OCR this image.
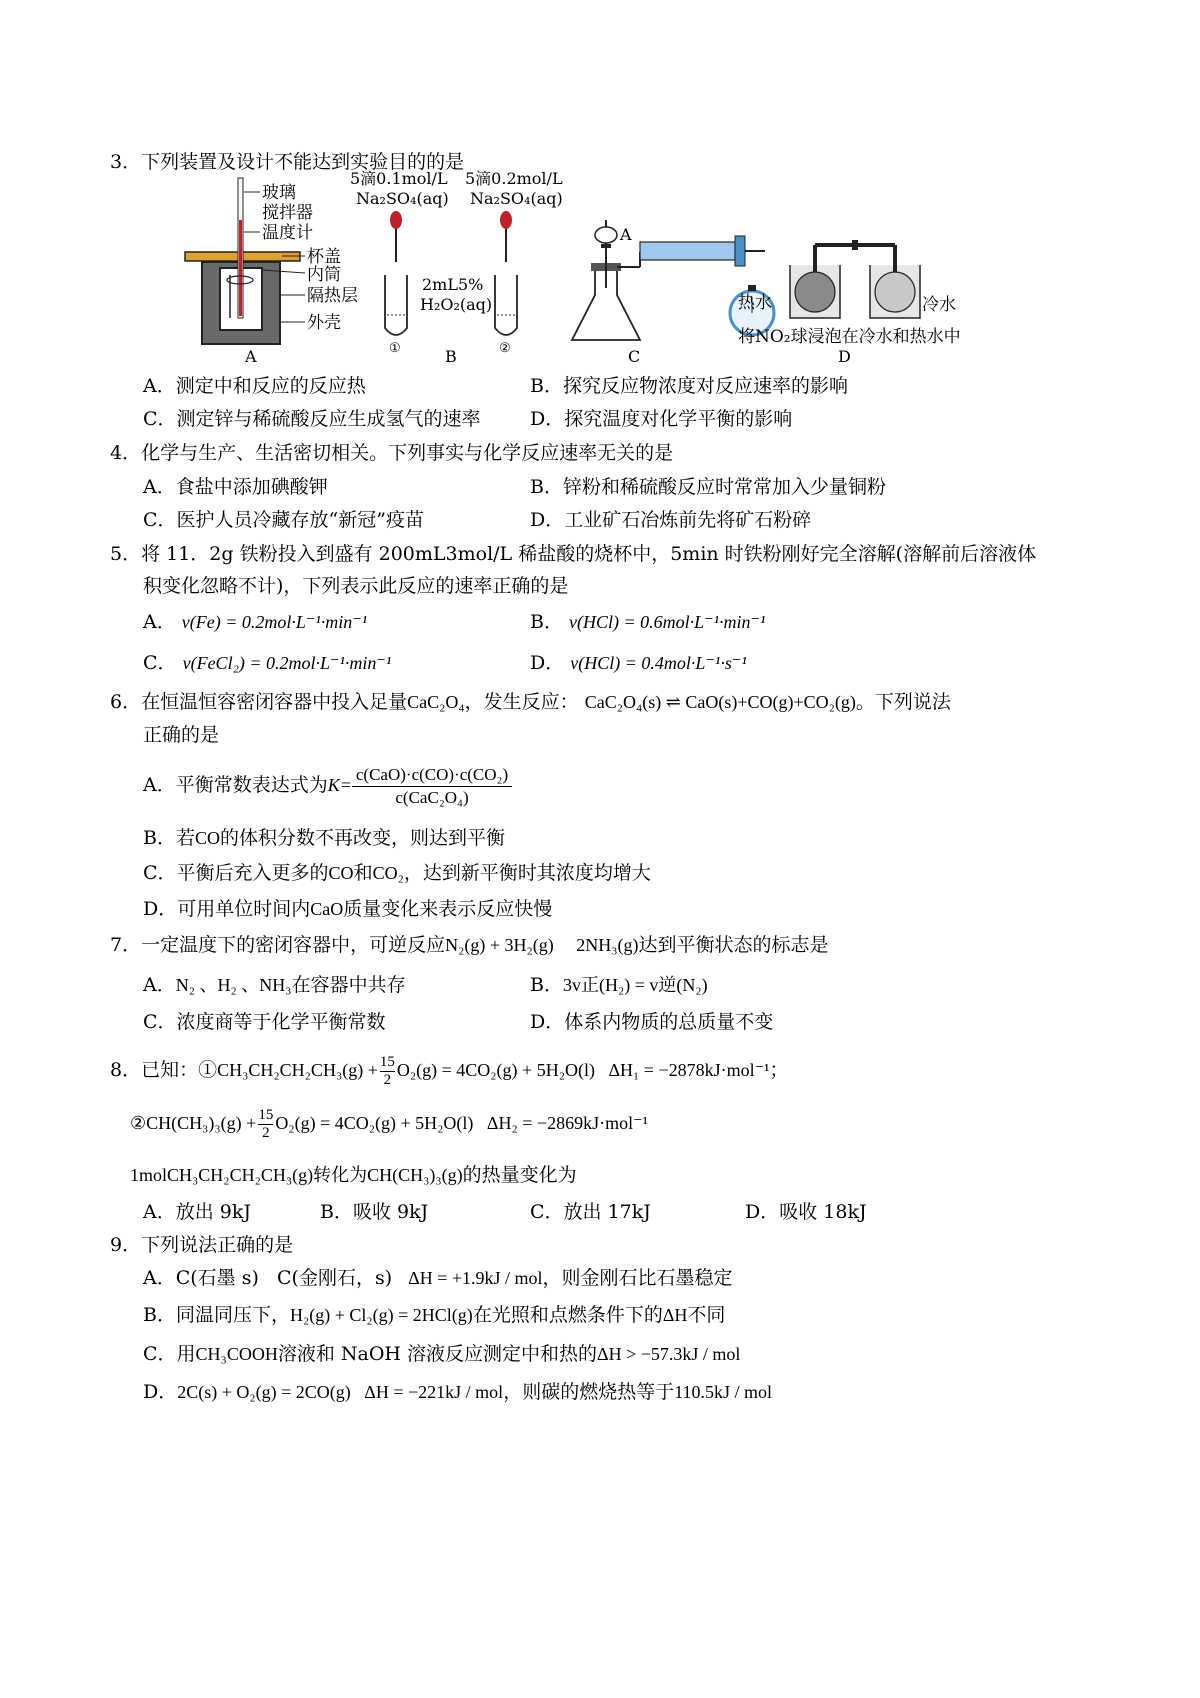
3．下列装置及设计不能达到实验目的的是
玻璃
搅拌器
温度计
杯盖
内筒
隔热层
外壳
A
5滴0.1mol/L
Na₂SO₄(aq)
5滴0.2mol/L
Na₂SO₄(aq)
2mL5%
H₂O₂(aq)
①	②
B
A
C
热水	冷水
将NO₂球浸泡在冷水和热水中
D
A．测定中和反应的反应热	B．探究反应物浓度对反应速率的影响
C．测定锌与稀硫酸反应生成氢气的速率	D．探究温度对化学平衡的影响
4．化学与生产、生活密切相关。下列事实与化学反应速率无关的是
A．食盐中添加碘酸钾	B．锌粉和稀硫酸反应时常常加入少量铜粉
C．医护人员冷藏存放“新冠”疫苗	D．工业矿石冶炼前先将矿石粉碎
5．将 11．2g 铁粉投入到盛有 200mL3mol/L 稀盐酸的烧杯中，5min 时铁粉刚好完全溶解(溶解前后溶液体
积变化忽略不计)，下列表示此反应的速率正确的是
A． v(Fe) = 0.2mol·L⁻¹·min⁻¹	B． v(HCl) = 0.6mol·L⁻¹·min⁻¹
C． v(FeCl₂) = 0.2mol·L⁻¹·min⁻¹	D． v(HCl) = 0.4mol·L⁻¹·s⁻¹
6．在恒温恒容密闭容器中投入足量CaC₂O₄，发生反应： CaC₂O₄(s) ⇌ CaO(s)+CO(g)+CO₂(g)。下列说法
正确的是
A．平衡常数表达式为$K= \frac{\text{c(CaO)·c(CO)·c(CO₂)}}{\text{c(CaC₂O₄)}}$
B．若CO的体积分数不再改变，则达到平衡
C．平衡后充入更多的CO和CO₂，达到新平衡时其浓度均增大
D．可用单位时间内CaO质量变化来表示反应快慢
7．一定温度下的密闭容器中，可逆反应N₂(g) + 3H₂(g)     2NH₃(g)达到平衡状态的标志是
A．N₂ 、H₂ 、NH₃在容器中共存	B．3v正(H₂) = v逆(N₂)
C．浓度商等于化学平衡常数	D．体系内物质的总质量不变
8．已知：①CH₃CH₂CH₂CH₃(g) + $\frac{15}{2} O_2(g) = 4CO_2(g) + 5H_2O(l) \Delta H_1 = -2878kJ\cdot mol^{-1}$；
②CH(CH₃)₃(g) + $\frac{15}{2} O_2(g) = 4CO_2(g) + 5H_2O(l) \Delta H_2 = -2869kJ\cdot mol^{-1}$
1molCH₃CH₂CH₂CH₃(g)转化为CH(CH₃)₃(g)的热量变化为
A．放出 9kJ	B．吸收 9kJ	C．放出 17kJ	D．吸收 18kJ
9．下列说法正确的是
A．C(石墨 s)   C(金刚石，s) ΔH = +1.9kJ / mol，则金刚石比石墨稳定
B．同温同压下，H₂(g) + Cl₂(g) = 2HCl(g)在光照和点燃条件下的ΔH不同
C．用CH₃COOH溶液和 NaOH 溶液反应测定中和热的ΔH > −57.3kJ / mol
D．2C(s) + O₂(g) = 2CO(g)   ΔH = −221kJ / mol，则碳的燃烧热等于110.5kJ / mol
